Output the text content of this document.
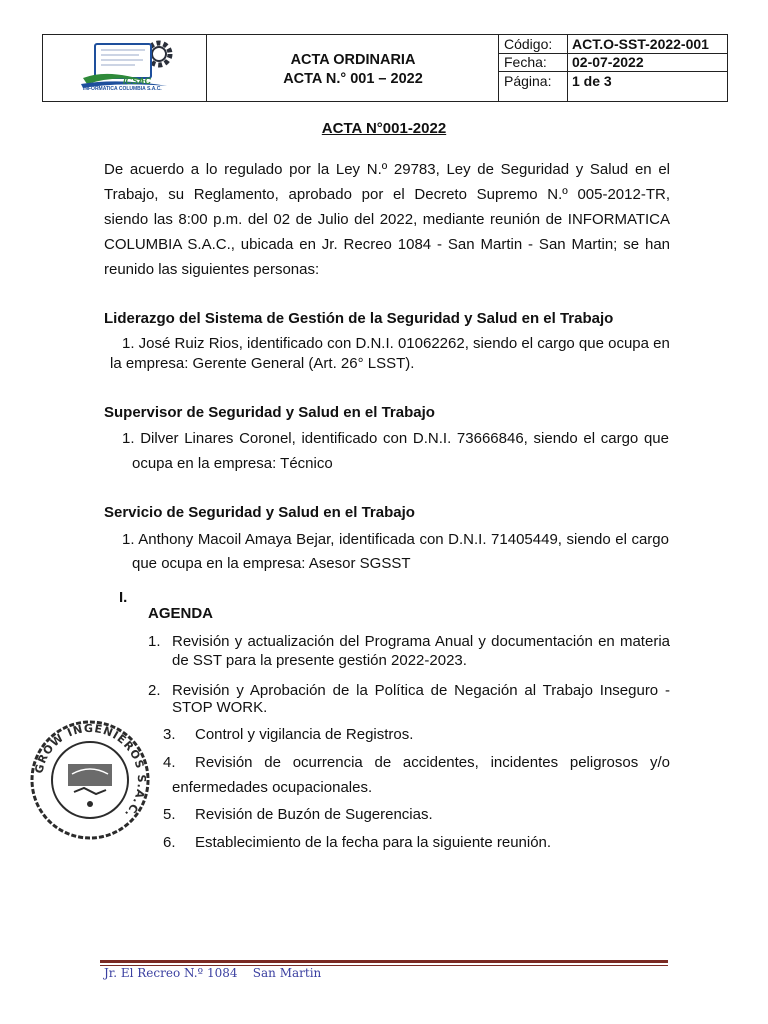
ICSAC
INFORMATICA COLUMBIA S.A.C.
ACTA ORDINARIA
ACTA N.° 001 – 2022
Código: ACT.O-SST-2022-001
Fecha: 02-07-2022
Página: 1 de 3
ACTA N°001-2022
De acuerdo a lo regulado por la Ley N.º 29783, Ley de Seguridad y Salud en el
Trabajo, su Reglamento, aprobado por el Decreto Supremo N.º 005-2012-TR,
siendo las 8:00 p.m. del 02 de Julio del 2022, mediante reunión de INFORMATICA
COLUMBIA S.A.C., ubicada en Jr. Recreo 1084 - San Martin - San Martin; se han
reunido las siguientes personas:
Liderazgo del Sistema de Gestión de la Seguridad y Salud en el Trabajo
1. José Ruiz Rios, identificado con D.N.I. 01062262, siendo el cargo que ocupa en
la empresa: Gerente General (Art. 26° LSST).
Supervisor de Seguridad y Salud en el Trabajo
1. Dilver Linares Coronel, identificado con D.N.I. 73666846, siendo el cargo que
ocupa en la empresa: Técnico
Servicio de Seguridad y Salud en el Trabajo
1. Anthony Macoil Amaya Bejar, identificada con D.N.I. 71405449, siendo el cargo
que ocupa en la empresa: Asesor SGSST
I.
AGENDA
1. Revisión y actualización del Programa Anual y documentación en materia
de SST para la presente gestión 2022-2023.
2. Revisión y Aprobación de la Política de Negación al Trabajo Inseguro -
STOP WORK.
3. Control y vigilancia de Registros.
4. Revisión de ocurrencia de accidentes, incidentes peligrosos y/o
enfermedades ocupacionales.
5. Revisión de Buzón de Sugerencias.
6. Establecimiento de la fecha para la siguiente reunión.
GROW INGENIEROS S.A.C.
Jr. El Recreo N.º 1084    San Martin
